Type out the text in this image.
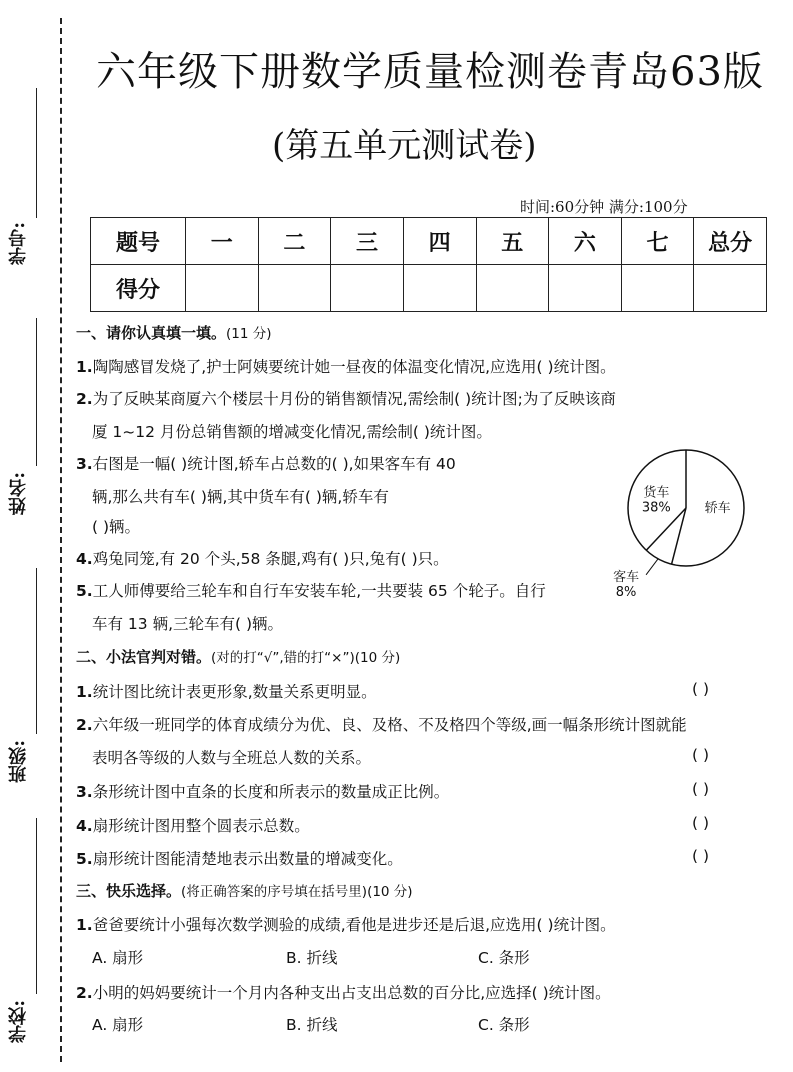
学号:
姓名:
班级:
学校:
六年级下册数学质量检测卷青岛63版
(第五单元测试卷)
时间:60分钟 满分:100分
题号	一	二	三	四	五	六	七	总分
得分								
一、请你认真填一填。(11 分)
1.陶陶感冒发烧了,护士阿姨要统计她一昼夜的体温变化情况,应选用( )统计图。
2.为了反映某商厦六个楼层十月份的销售额情况,需绘制( )统计图;为了反映该商
厦 1~12 月份总销售额的增减变化情况,需绘制( )统计图。
3.右图是一幅( )统计图,轿车占总数的( ),如果客车有 40
辆,那么共有车( )辆,其中货车有( )辆,轿车有
( )辆。
4.鸡兔同笼,有 20 个头,58 条腿,鸡有( )只,兔有( )只。
5.工人师傅要给三轮车和自行车安装车轮,一共要装 65 个轮子。自行
车有 13 辆,三轮车有( )辆。
轿车
客车
8%
货车
38%
二、小法官判对错。(对的打“√”,错的打“×”)(10 分)
1.统计图比统计表更形象,数量关系更明显。	( )
2.六年级一班同学的体育成绩分为优、良、及格、不及格四个等级,画一幅条形统计图就能
表明各等级的人数与全班总人数的关系。	( )
3.条形统计图中直条的长度和所表示的数量成正比例。	( )
4.扇形统计图用整个圆表示总数。	( )
5.扇形统计图能清楚地表示出数量的增减变化。	( )
三、快乐选择。(将正确答案的序号填在括号里)(10 分)
1.爸爸要统计小强每次数学测验的成绩,看他是进步还是后退,应选用( )统计图。
A. 扇形	B. 折线	C. 条形
2.小明的妈妈要统计一个月内各种支出占支出总数的百分比,应选择( )统计图。
A. 扇形	B. 折线	C. 条形
